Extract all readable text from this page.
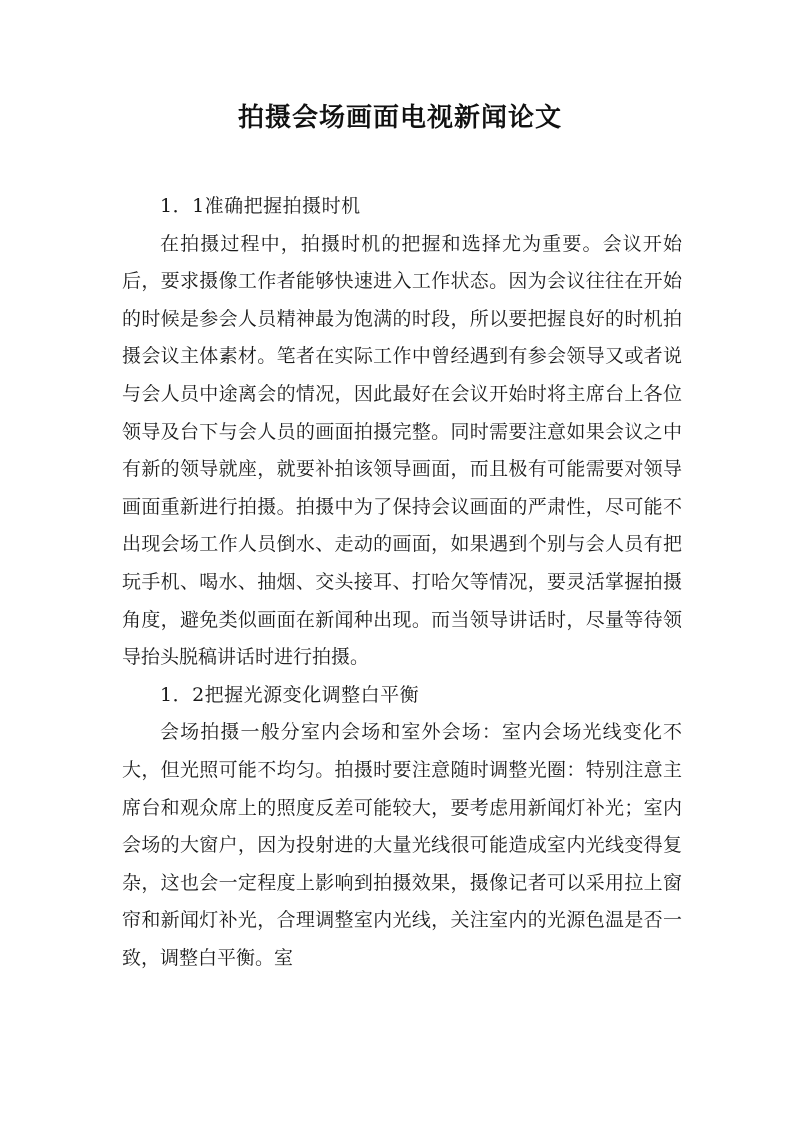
拍摄会场画面电视新闻论文

1．1准确把握拍摄时机

在拍摄过程中，拍摄时机的把握和选择尤为重要。会议开始后，要求摄像工作者能够快速进入工作状态。因为会议往往在开始的时候是参会人员精神最为饱满的时段，所以要把握良好的时机拍摄会议主体素材。笔者在实际工作中曾经遇到有参会领导又或者说与会人员中途离会的情况，因此最好在会议开始时将主席台上各位领导及台下与会人员的画面拍摄完整。同时需要注意如果会议之中有新的领导就座，就要补拍该领导画面，而且极有可能需要对领导画面重新进行拍摄。拍摄中为了保持会议画面的严肃性，尽可能不出现会场工作人员倒水、走动的画面，如果遇到个别与会人员有把玩手机、喝水、抽烟、交头接耳、打哈欠等情况，要灵活掌握拍摄角度，避免类似画面在新闻种出现。而当领导讲话时，尽量等待领导抬头脱稿讲话时进行拍摄。

1．2把握光源变化调整白平衡

会场拍摄一般分室内会场和室外会场：室内会场光线变化不大，但光照可能不均匀。拍摄时要注意随时调整光圈：特别注意主席台和观众席上的照度反差可能较大，要考虑用新闻灯补光；室内会场的大窗户，因为投射进的大量光线很可能造成室内光线变得复杂，这也会一定程度上影响到拍摄效果，摄像记者可以采用拉上窗帘和新闻灯补光，合理调整室内光线，关注室内的光源色温是否一致，调整白平衡。室
